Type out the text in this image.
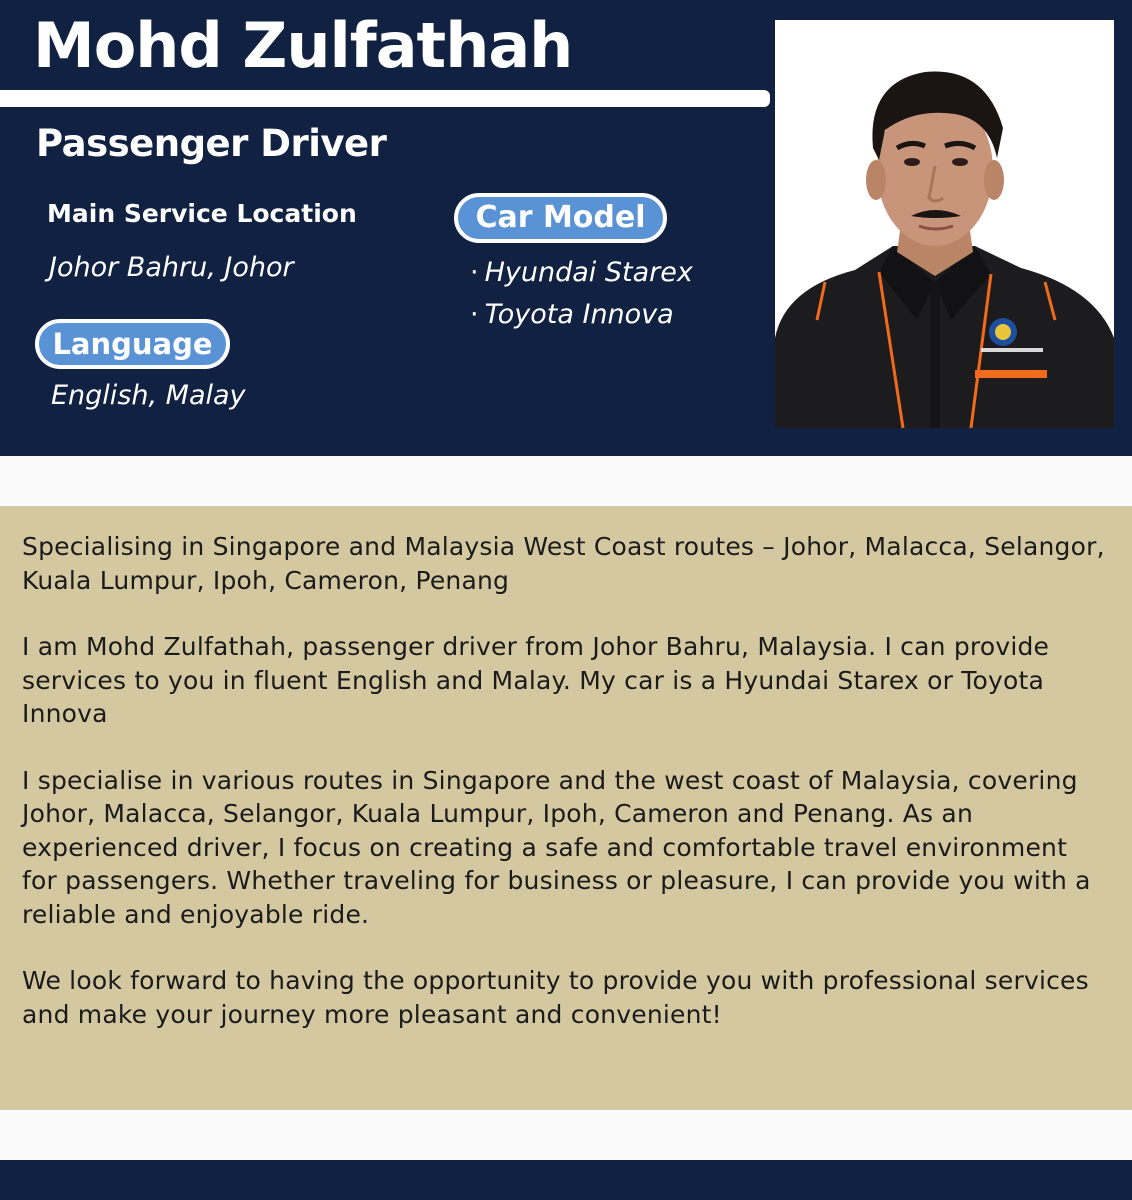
Mohd Zulfathah
Passenger Driver
Main Service Location
Johor Bahru, Johor
Language
English, Malay
Car Model
· Hyundai Starex
· Toyota Innova

Specialising in Singapore and Malaysia West Coast routes – Johor, Malacca, Selangor, Kuala Lumpur, Ipoh, Cameron, Penang

I am Mohd Zulfathah, passenger driver from Johor Bahru, Malaysia. I can provide services to you in fluent English and Malay. My car is a Hyundai Starex or Toyota Innova

I specialise in various routes in Singapore and the west coast of Malaysia, covering Johor, Malacca, Selangor, Kuala Lumpur, Ipoh, Cameron and Penang. As an experienced driver, I focus on creating a safe and comfortable travel environment for passengers. Whether traveling for business or pleasure, I can provide you with a reliable and enjoyable ride.

We look forward to having the opportunity to provide you with professional services and make your journey more pleasant and convenient!
